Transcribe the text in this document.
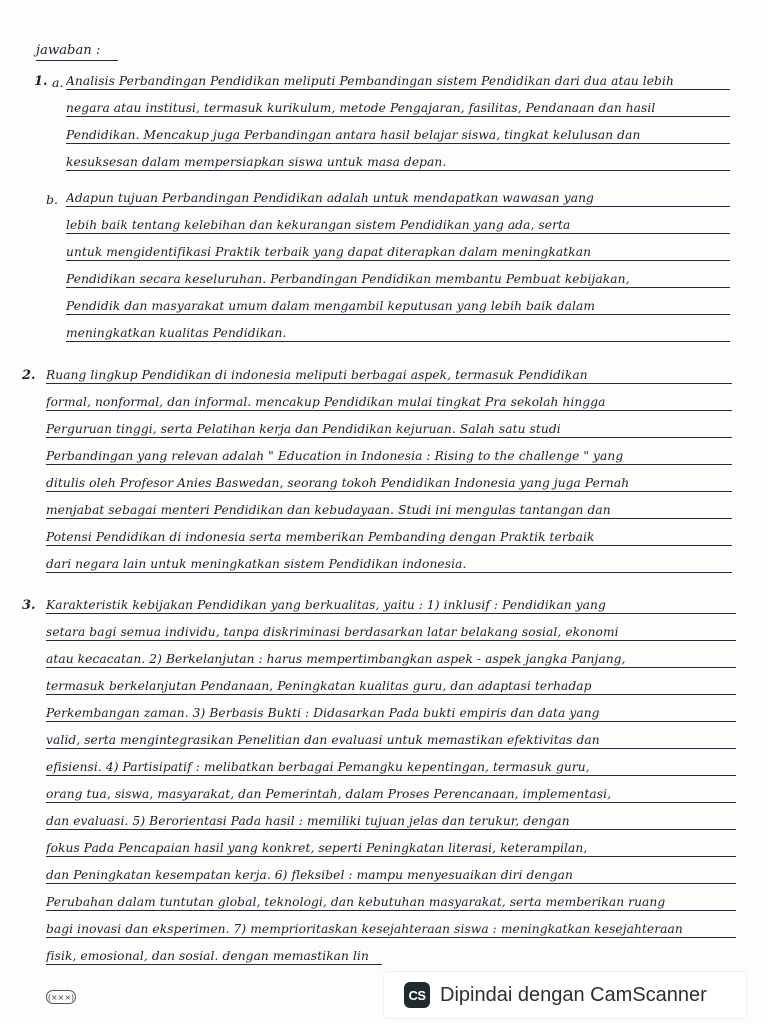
jawaban :
1. a. Analisis Perbandingan Pendidikan meliputi Pembandingan sistem Pendidikan dari dua atau lebih
negara atau institusi, termasuk kurikulum, metode Pengajaran, fasilitas, Pendanaan dan hasil
Pendidikan. Mencakup juga Perbandingan antara hasil belajar siswa, tingkat kelulusan dan
kesuksesan dalam mempersiapkan siswa untuk masa depan.
b. Adapun tujuan Perbandingan Pendidikan adalah untuk mendapatkan wawasan yang
lebih baik tentang kelebihan dan kekurangan sistem Pendidikan yang ada, serta
untuk mengidentifikasi Praktik terbaik yang dapat diterapkan dalam meningkatkan
Pendidikan secara keseluruhan. Perbandingan Pendidikan membantu Pembuat kebijakan,
Pendidik dan masyarakat umum dalam mengambil keputusan yang lebih baik dalam
meningkatkan kualitas Pendidikan.
2. Ruang lingkup Pendidikan di indonesia meliputi berbagai aspek, termasuk Pendidikan
formal, nonformal, dan informal. mencakup Pendidikan mulai tingkat Pra sekolah hingga
Perguruan tinggi, serta Pelatihan kerja dan Pendidikan kejuruan. Salah satu studi
Perbandingan yang relevan adalah " Education in Indonesia : Rising to the challenge " yang
ditulis oleh Profesor Anies Baswedan, seorang tokoh Pendidikan Indonesia yang juga Pernah
menjabat sebagai menteri Pendidikan dan kebudayaan. Studi ini mengulas tantangan dan
Potensi Pendidikan di indonesia serta memberikan Pembanding dengan Praktik terbaik
dari negara lain untuk meningkatkan sistem Pendidikan indonesia.
3. Karakteristik kebijakan Pendidikan yang berkualitas, yaitu : 1) inklusif : Pendidikan yang
setara bagi semua individu, tanpa diskriminasi berdasarkan latar belakang sosial, ekonomi
atau kecacatan. 2) Berkelanjutan : harus mempertimbangkan aspek - aspek jangka Panjang,
termasuk berkelanjutan Pendanaan, Peningkatan kualitas guru, dan adaptasi terhadap
Perkembangan zaman. 3) Berbasis Bukti : Didasarkan Pada bukti empiris dan data yang
valid, serta mengintegrasikan Penelitian dan evaluasi untuk memastikan efektivitas dan
efisiensi. 4) Partisipatif : melibatkan berbagai Pemangku kepentingan, termasuk guru,
orang tua, siswa, masyarakat, dan Pemerintah, dalam Proses Perencanaan, implementasi,
dan evaluasi. 5) Berorientasi Pada hasil : memiliki tujuan jelas dan terukur, dengan
fokus Pada Pencapaian hasil yang konkret, seperti Peningkatan literasi, keterampilan,
dan Peningkatan kesempatan kerja. 6) fleksibel : mampu menyesuaikan diri dengan
Perubahan dalam tuntutan global, teknologi, dan kebutuhan masyarakat, serta memberikan ruang
bagi inovasi dan eksperimen. 7) memprioritaskan kesejahteraan siswa : meningkatkan kesejahteraan
fisik, emosional, dan sosial. dengan memastikan lin
(×××)	CS Dipindai dengan CamScanner
